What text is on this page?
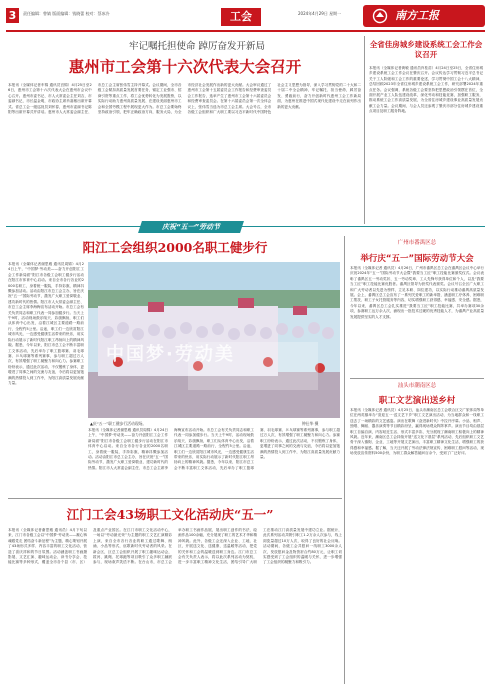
3	责任编辑：曾婧 版面编辑：钱晓蕾 校对：蔡冰冷	工会	2024年4月29日 星期一	南方工报
牢记嘱托担使命 踔厉奋发开新局
惠州市工会第十六次代表大会召开
本报讯（全媒体记者车锦 通讯员宫锦）4月25日至26日，惠州市工会第十六次代表大会在惠州市会议中心召开。惠州市委书记、市人大常委会主任刘吉，市委副书记、市长温金明，市政协主席肖嘉敏出席开幕式。省总工会一级巡视员刘怀春，惠州市委副书记陈阳等出席开幕式并讲话。惠州市人大常委会副主任、市总工会主席张伟雪主持开幕式。会议期间，全市各级工会紧扣高质量发展首要任务，锚定工业强市、招商引资等重点工作，将工会优势转化为发展胜势，以实际行动助力惠州高质量发展、在建设美丽惠州市工会和全国劳模工程中展现更大作为。市总工会要始终坚持政治引领，把牢正确政治方向，服务大局，为全市经济社会发展作出新的更大贡献。大会审议通过了惠州市工会第十五届委员会工作报告和经费审查委员会工作报告，选举产生了惠州市工会第十六届委员会和经费审查委员会。在第十六届委员会第一次全体会议上，张伟雪当选为市总工会主席。大会号召，全市各级工会组织和广大职工要以习近平新时代中国特色社会主义思想为指导，深入学习贯彻党的二十大和二十届二中全会精神，牢记嘱托、担当使命，踔厉奋发、勇毅前行，奋力开创新时代惠州工会工作新局面，为惠州在推进中国式现代化建设中走在前列作出新的更大贡献。
全省佳房城乡建设系统工会工作会议召开
本报讯（全媒体记者黄敏 通讯员肖桂苗）4月24日至25日，全省住房城乡建设系统工会工作会议在肇庆召开。会议传达学习贯彻习近平总书记关于工人阶级和工会工作的重要论述，学习贯彻中国工会十八大精神，总结回顾2023年全省住房城乡建设系统工会工作，研究部署2024年重点任务。会议强调，系统各级工会要坚持把思想政治引领摆在首位，全面开展产业工人队伍建设改革，深化劳动和技能竞赛，加强职工服务，推动系统工会工作高质量发展，为全省住房城乡建设事业高质量发展贡献工会力量。会议期间，与会人员还参观了肇庆市部分住房城乡建设重点项目及职工服务阵地。
庆祝“五一”劳动节
阳江工会组织2000名职工健步行
本报讯（全媒体记者谢思雅 通讯员周锦）4月24日上午，“中国梦·劳动美——奋力开创阳江工会工作新局面”阳江市各级工会职工健步行活动在阳江市体育中心启动。来自全市各行各业的2000名职工，身着统一服装，手持彩旗，精神抖擞参加活动。活动由阳江市总工会主办，旨在庆祝“五一”国际劳动节，激发广大职工爱岗敬业、建功新时代的热情。阳江市人大常委会副主任、市总工会主席李海梅宣布活动开始。市总工会有关负责同志和职工代表一同参加健步行。当天上午9时，活动现场鼓乐喧天、彩旗飘扬，职工们从体育中心出发，沿着江城区主要道路一路前行，全程约5公里。沿途，职工们一边欣赏阳江城市风光，一边感受健康生活带来的快乐，用实际行动展示了新时代阳江职工昂扬向上的精神风貌。据悉，今年以来，阳江市总工会不断丰富职工文体活动，先后举办了职工篮球赛、羽毛球赛、乒乓球赛等系列赛事，参与职工超过万人次，有效增强了职工凝聚力和向心力。参赛职工纷纷表示，通过此次活动，不仅锻炼了身体，更增进了同事之间的交流与友谊，今后将以更加饱满的热情投入到工作中，为阳江高质量发展贡献力量。
中国梦·劳动美
▲庆“五一”职工健步行活动现场。	钟仕华 摄
本报讯（全媒体记者谢思雅 通讯员周锦）4月24日上午，“中国梦·劳动美——奋力开创阳江工会工作新局面”阳江市各级工会职工健步行活动在阳江市体育中心启动。来自全市各行各业的2000名职工，身着统一服装，手持彩旗，精神抖擞参加活动。活动由阳江市总工会主办，旨在庆祝“五一”国际劳动节，激发广大职工爱岗敬业、建功新时代的热情。阳江市人大常委会副主任、市总工会主席李海梅宣布活动开始。市总工会有关负责同志和职工代表一同参加健步行。当天上午9时，活动现场鼓乐喧天、彩旗飘扬，职工们从体育中心出发，沿着江城区主要道路一路前行，全程约5公里。沿途，职工们一边欣赏阳江城市风光，一边感受健康生活带来的快乐，用实际行动展示了新时代阳江职工昂扬向上的精神风貌。据悉，今年以来，阳江市总工会不断丰富职工文体活动，先后举办了职工篮球赛、羽毛球赛、乒乓球赛等系列赛事，参与职工超过万人次，有效增强了职工凝聚力和向心力。参赛职工纷纷表示，通过此次活动，不仅锻炼了身体，更增进了同事之间的交流与友谊，今后将以更加饱满的热情投入到工作中，为阳江高质量发展贡献力量。
广州市番禺区总
举行庆“五一”国际劳动节大会
本报讯（全媒体记者 通讯员）4月26日，广州市番禺区总工会在番禺区会议中心举行庆祝2024年“五一”国际劳动节大会暨“我要当工匠”职工技能比赛颁奖仪式。会议表彰了番禺区五一劳动奖状、五一劳动奖章、工人先锋号获得单位和个人，以及“我要当工匠”职工技能比赛优胜者。番禺区领导为获奖代表颁奖。会议号召全区广大职工和广大劳动者以先进为榜样，立足本职、岗位建功，以实际行动推动番禺高质量发展。会上，番禺区总工会宣布了一系列关爱职工的新举措，涵盖职工疗休养、困难职工帮扶、职工子女托管服务等内容，切实增强职工获得感、幸福感、安全感。据悉，今年以来，番禺区总工会扎实推进“我要当工匠”职工技能比赛，共举办赛项30余项，参赛职工达万余人次，涌现出一批技术过硬的优秀技能人才，为番禺产业高质量发展提供坚实的人才支撑。
汕头市潮南区总
职工文艺演出送乡村
本报讯（全媒体记者 通讯员）4月25日，汕头市潮南区总工会联合区文广旅体局等单位在两英镇举办“喜迎五一·送文艺下乡”职工文艺演出活动，为当地群众和一线职工送去了一场精彩的文艺盛宴。演出在歌舞《奋进新时代》中拉开序幕。小品、相声、独唱、舞蹈、器乐演奏等节目精彩纷呈，赢得现场观众阵阵掌声。演出节目均由基层职工自编自演，内容贴近生活、形式丰富多彩，充分展现了潮南职工积极向上的精神风貌。近年来，潮南区总工会持续开展“送文化下基层”系列活动，先后组织职工文艺骨干深入镇街、企业、工地等开展文艺演出，丰富职工精神文化生活，增强职工的获得感和幸福感。据了解，当天还开展了劳动法律法规宣传、困难职工慰问等活动，现场发放宣传资料500余份，为职工群众解答疑问百余个，受到了广泛好评。
江门工会43场职工文化活动庆“五一”
本报讯（全媒体记者谢思雅 通讯员）4月下旬以来，江门市各级工会以“中国梦·劳动美——凝心铸魂跟党走 团结奋斗新征程”为主题，精心策划开展了43场形式多样、内容丰富的职工文化活动，营造了喜庆祥和的节日氛围。活动涵盖职工书画摄影展、文艺汇演、趣味运动会、读书分享会、技能比赛等多种形式，覆盖全市各个县（市、区）及重点产业园区。在江门市职工文化活动中心，一场以“劳动最光荣”为主题的职工文艺汇演精彩上演，来自全市各行各业的职工通过歌舞、朗诵、小品等形式，讴歌新时代劳动者的风采。在新会区，区总工会组织开展了职工趣味运动会，拔河、跳绳、托球跑等项目吸引了众多职工踊跃参与，现场欢声笑语不断。在台山市，市总工会举办职工书画作品展，展出职工创作的书法、绘画作品100余幅，充分展现了职工的艺术才华和精神风貌。此外，各级工会还深入企业、工地、社区，开展送文化、送健康、送温暖等活动，把党的关怀和工会的温暖送到职工身边。江门市总工会有关负责人表示，将以此次系列活动为契机，进一步丰富职工精神文化生活，团结引导广大职工在推动江门高质量发展中建功立业。据统计，此次系列活动共吸引职工1.2万余人次参与，线上浏览量超过10万人次，取得了良好的社会反响。活动期间，各级工会共慰问一线职工3000余人次，发放慰问金及物资折合约80万元，让职工切实感受到了工会组织的温暖与关怀，进一步增强了工会组织的凝聚力和吸引力。
